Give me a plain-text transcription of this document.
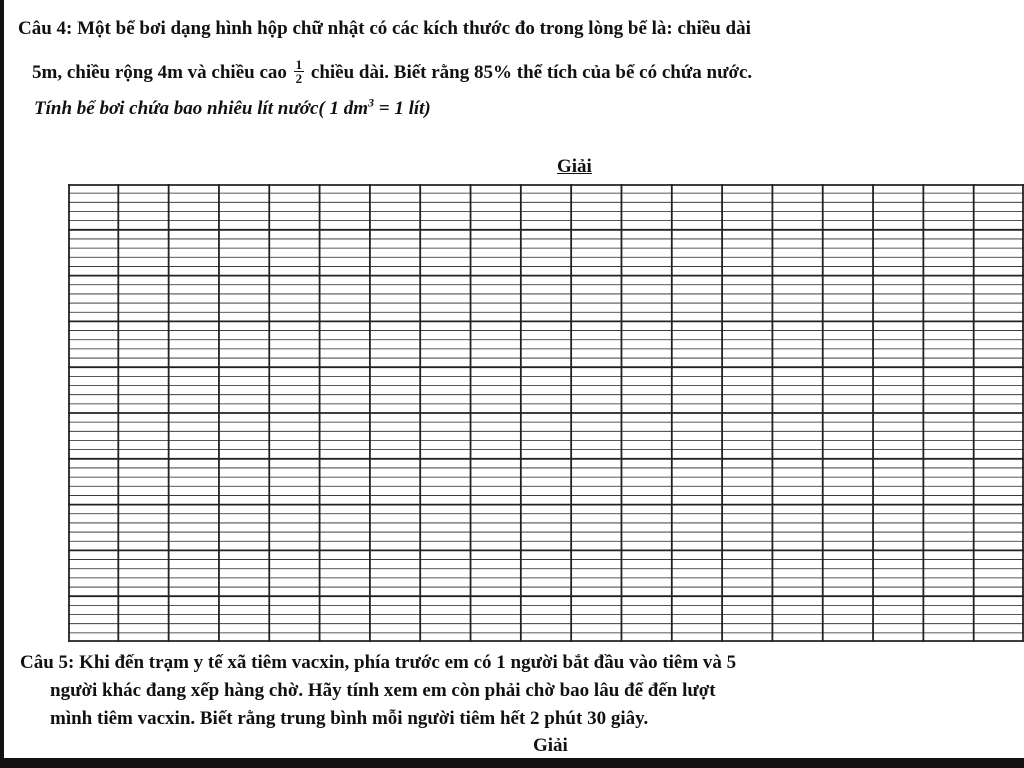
Câu 4: Một bể bơi dạng hình hộp chữ nhật có các kích thước đo trong lòng bể là: chiều dài
5m, chiều rộng 4m và chiều cao $\frac{1}{2}$ chiều dài. Biết rằng 85% thể tích của bể có chứa nước.
Tính bể bơi chứa bao nhiêu lít nước( 1 $dm^3 = 1$ lít)
Giải
Câu 5: Khi đến trạm y tế xã tiêm vacxin, phía trước em có 1 người bắt đầu vào tiêm và 5
người khác đang xếp hàng chờ. Hãy tính xem em còn phải chờ bao lâu để đến lượt
mình tiêm vacxin. Biết rằng trung bình mỗi người tiêm hết 2 phút 30 giây.
Giải
